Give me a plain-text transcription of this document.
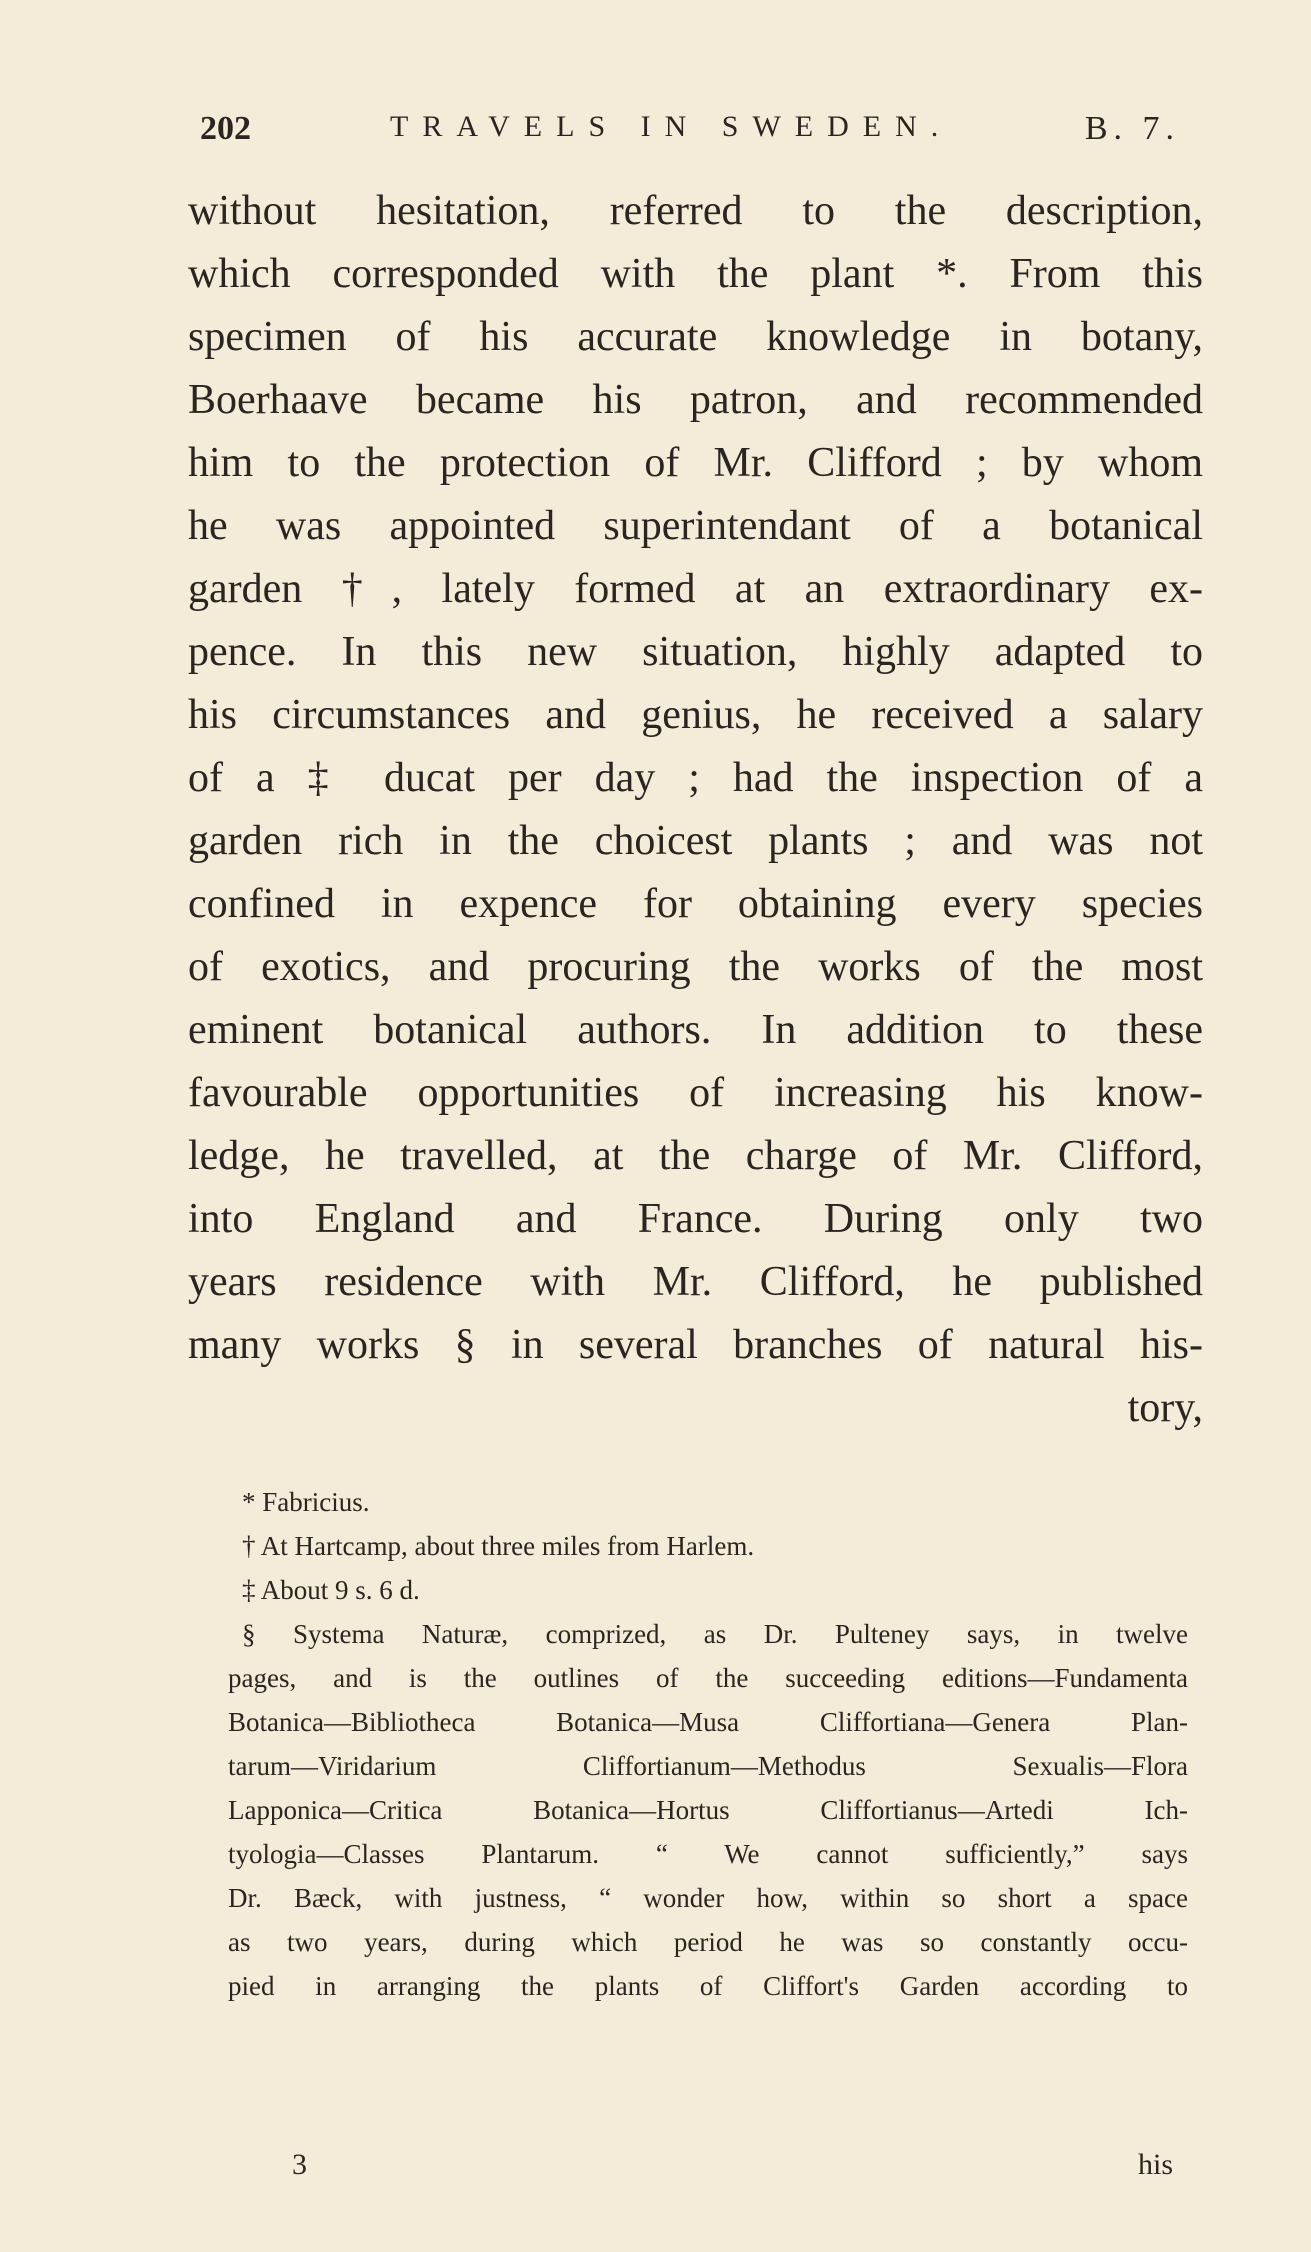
202	TRAVELS IN SWEDEN.	B. 7.
without hesitation, referred to the description,
which corresponded with the plant *. From this
specimen of his accurate knowledge in botany,
Boerhaave became his patron, and recommended
him to the protection of Mr. Clifford ; by whom
he was appointed superintendant of a botanical
garden †, lately formed at an extraordinary ex-
pence. In this new situation, highly adapted to
his circumstances and genius, he received a salary
of a ‡ ducat per day ; had the inspection of a
garden rich in the choicest plants ; and was not
confined in expence for obtaining every species
of exotics, and procuring the works of the most
eminent botanical authors. In addition to these
favourable opportunities of increasing his know-
ledge, he travelled, at the charge of Mr. Clifford,
into England and France. During only two
years residence with Mr. Clifford, he published
many works § in several branches of natural his-
tory,
* Fabricius.
† At Hartcamp, about three miles from Harlem.
‡ About 9 s. 6 d.
§ Systema Naturæ, comprized, as Dr. Pulteney says, in twelve
pages, and is the outlines of the succeeding editions—Fundamenta
Botanica—Bibliotheca Botanica—Musa Cliffortiana—Genera Plan-
tarum—Viridarium Cliffortianum—Methodus Sexualis—Flora
Lapponica—Critica Botanica—Hortus Cliffortianus—Artedi Ich-
tyologia—Classes Plantarum. “ We cannot sufficiently,” says
Dr. Bæck, with justness, “ wonder how, within so short a space
as two years, during which period he was so constantly occu-
pied in arranging the plants of Cliffort's Garden according to
3	his
